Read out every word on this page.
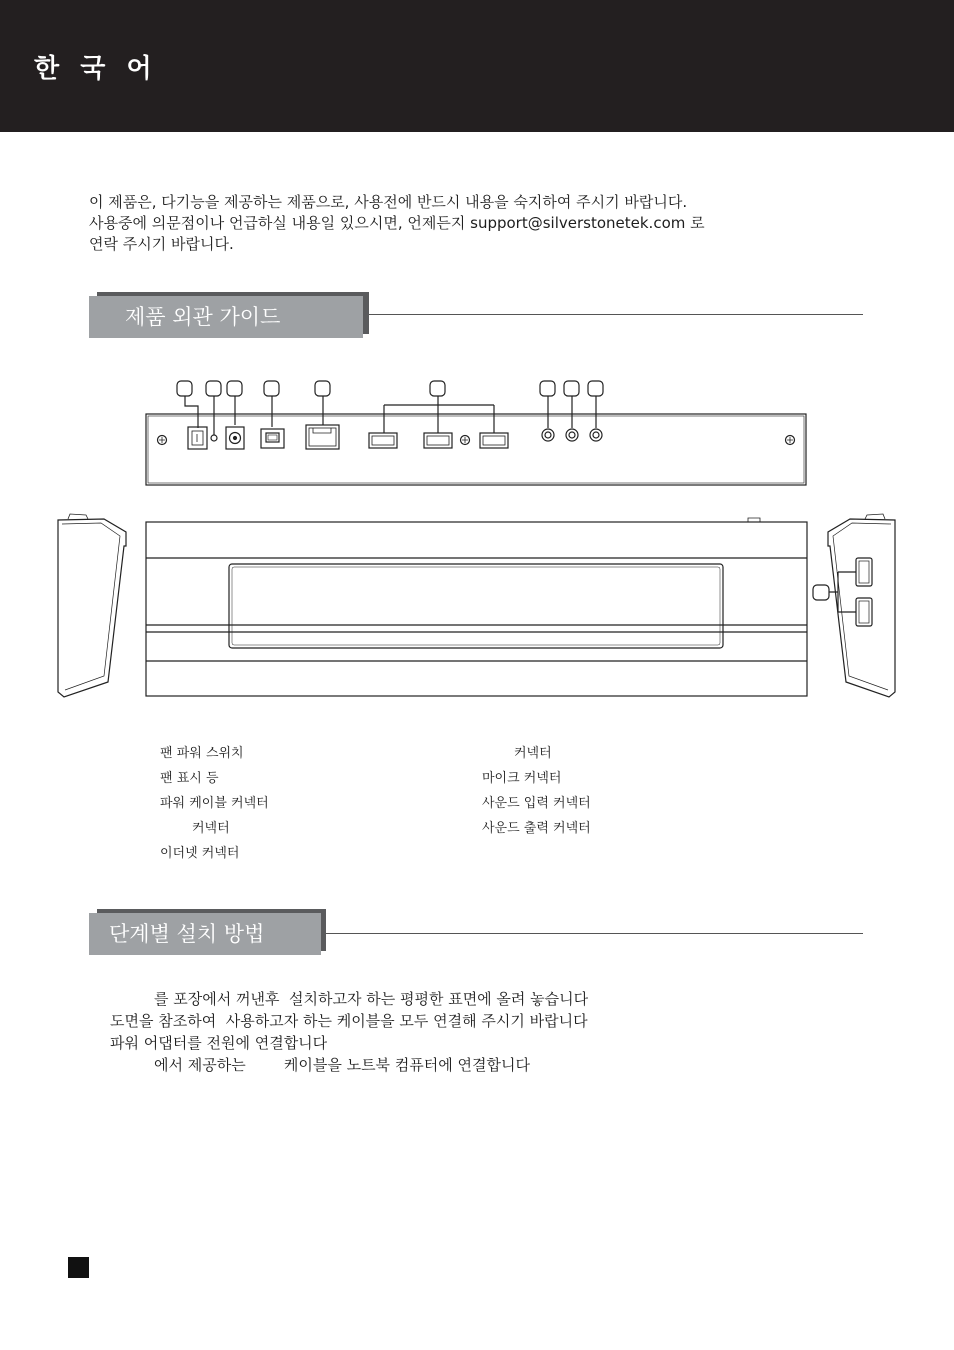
한  국  어
이 제품은, 다기능을 제공하는 제품으로, 사용전에 반드시 내용을 숙지하여 주시기 바랍니다.
사용중에 의문점이나 언급하실 내용일 있으시면, 언제든지 support@silverstonetek.com 로
연락 주시기 바랍니다.
제품 외관 가이드
팬 파워 스위치
팬 표시 등
파워 케이블 커넥터
커넥터
이더넷 커넥터
커넥터
마이크 커넥터
사운드 입력 커넥터
사운드 출력 커넥터
단계별 설치 방법
를 포장에서 꺼낸후  설치하고자 하는 평평한 표면에 올려 놓습니다
도면을 참조하여  사용하고자 하는 케이블을 모두 연결해 주시기 바랍니다
파워 어댑터를 전원에 연결합니다
에서 제공하는        케이블을 노트북 컴퓨터에 연결합니다
